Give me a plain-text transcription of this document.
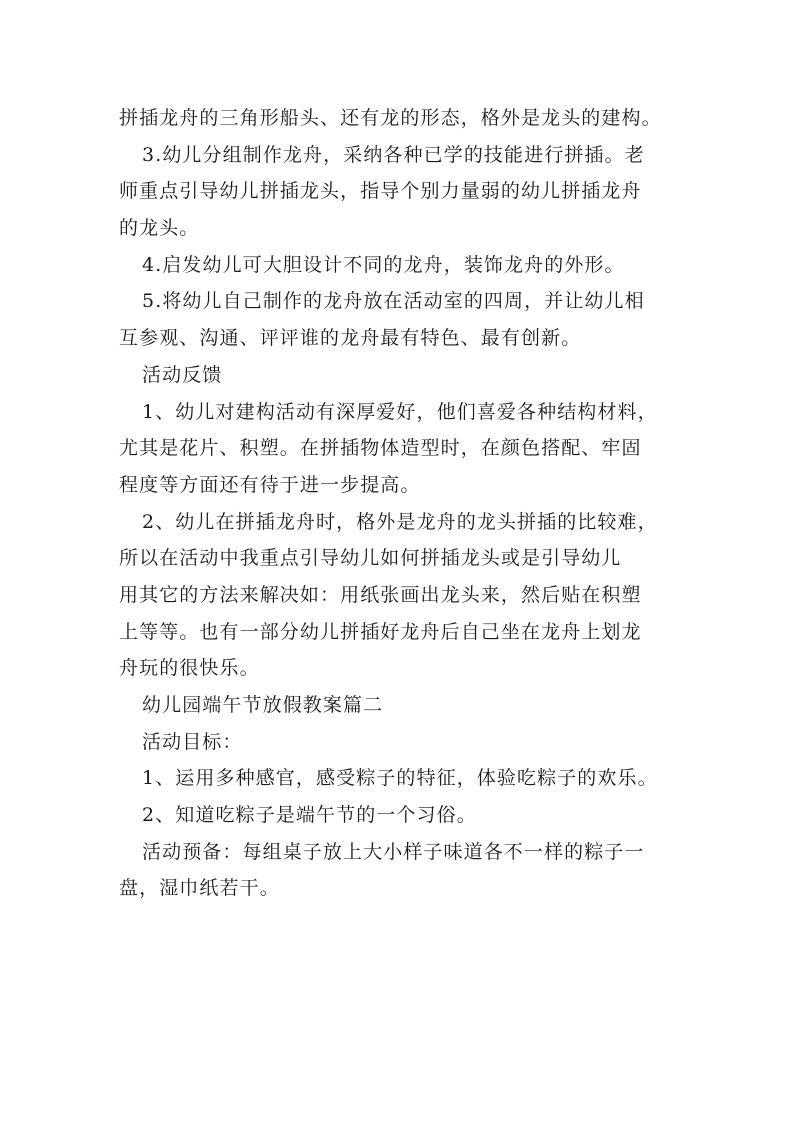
拼插龙舟的三角形船头、还有龙的形态，格外是龙头的建构。

3.幼儿分组制作龙舟，采纳各种已学的技能进行拼插。老

师重点引导幼儿拼插龙头，指导个别力量弱的幼儿拼插龙舟

的龙头。

4.启发幼儿可大胆设计不同的龙舟，装饰龙舟的外形。

5.将幼儿自己制作的龙舟放在活动室的四周，并让幼儿相

互参观、沟通、评评谁的龙舟最有特色、最有创新。

活动反馈

1、幼儿对建构活动有深厚爱好，他们喜爱各种结构材料，

尤其是花片、积塑。在拼插物体造型时，在颜色搭配、牢固

程度等方面还有待于进一步提高。

2、幼儿在拼插龙舟时，格外是龙舟的龙头拼插的比较难，

所以在活动中我重点引导幼儿如何拼插龙头或是引导幼儿

用其它的方法来解决如：用纸张画出龙头来，然后贴在积塑

上等等。也有一部分幼儿拼插好龙舟后自己坐在龙舟上划龙

舟玩的很快乐。

幼儿园端午节放假教案篇二

活动目标：

1、运用多种感官，感受粽子的特征，体验吃粽子的欢乐。

2、知道吃粽子是端午节的一个习俗。

活动预备：每组桌子放上大小样子味道各不一样的粽子一

盘，湿巾纸若干。
